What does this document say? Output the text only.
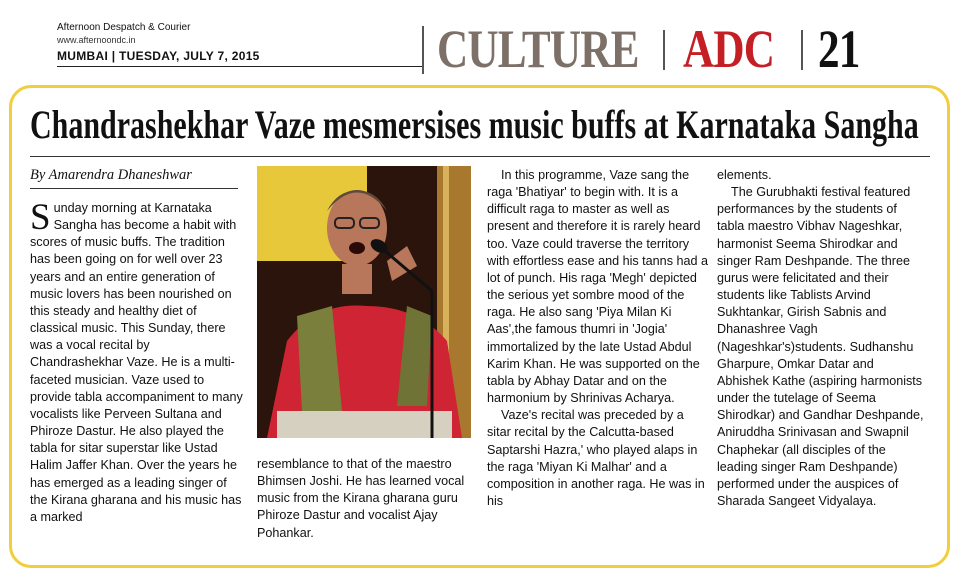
Afternoon Despatch & Courier
www.afternoondc.in
MUMBAI | TUESDAY, JULY 7, 2015	CULTURE ADC 21
Chandrashekhar Vaze mesmersises music buffs at Karnataka Sangha
By Amarendra Dhaneshwar

Sunday morning at Karnataka Sangha has become a habit with scores of music buffs. The tradition has been going on for well over 23 years and an entire generation of music lovers has been nourished on this steady and healthy diet of classical music. This Sunday, there was a vocal recital by Chandrashekhar Vaze. He is a multi-faceted musician. Vaze used to provide tabla accompaniment to many vocalists like Perveen Sultana and Phiroze Dastur. He also played the tabla for sitar superstar like Ustad Halim Jaffer Khan. Over the years he has emerged as a leading singer of the Kirana gharana and his music has a marked

resemblance to that of the maestro Bhimsen Joshi. He has learned vocal music from the Kirana gharana guru Phiroze Dastur and vocalist Ajay Pohankar.

In this programme, Vaze sang the raga 'Bhatiyar' to begin with. It is a difficult raga to master as well as present and therefore it is rarely heard too. Vaze could traverse the territory with effortless ease and his tanns had a lot of punch. His raga 'Megh' depicted the serious yet sombre mood of the raga. He also sang 'Piya Milan Ki Aas',the famous thumri in 'Jogia' immortalized by the late Ustad Abdul Karim Khan. He was supported on the tabla by Abhay Datar and on the harmonium by Shrinivas Acharya.

Vaze's recital was preceded by a sitar recital by the Calcutta-based Saptarshi Hazra,' who played alaps in the raga 'Miyan Ki Malhar' and a composition in another raga. He was in his

elements.

The Gurubhakti festival featured performances by the students of tabla maestro Vibhav Nageshkar, harmonist Seema Shirodkar and singer Ram Deshpande. The three gurus were felicitated and their students like Tablists Arvind Sukhtankar, Girish Sabnis and Dhanashree Vagh (Nageshkar's)students. Sudhanshu Gharpure, Omkar Datar and Abhishek Kathe (aspiring harmonists under the tutelage of Seema Shirodkar) and Gandhar Deshpande, Aniruddha Srinivasan and Swapnil Chaphekar (all disciples of the leading singer Ram Deshpande) performed under the auspices of Sharada Sangeet Vidyalaya.
